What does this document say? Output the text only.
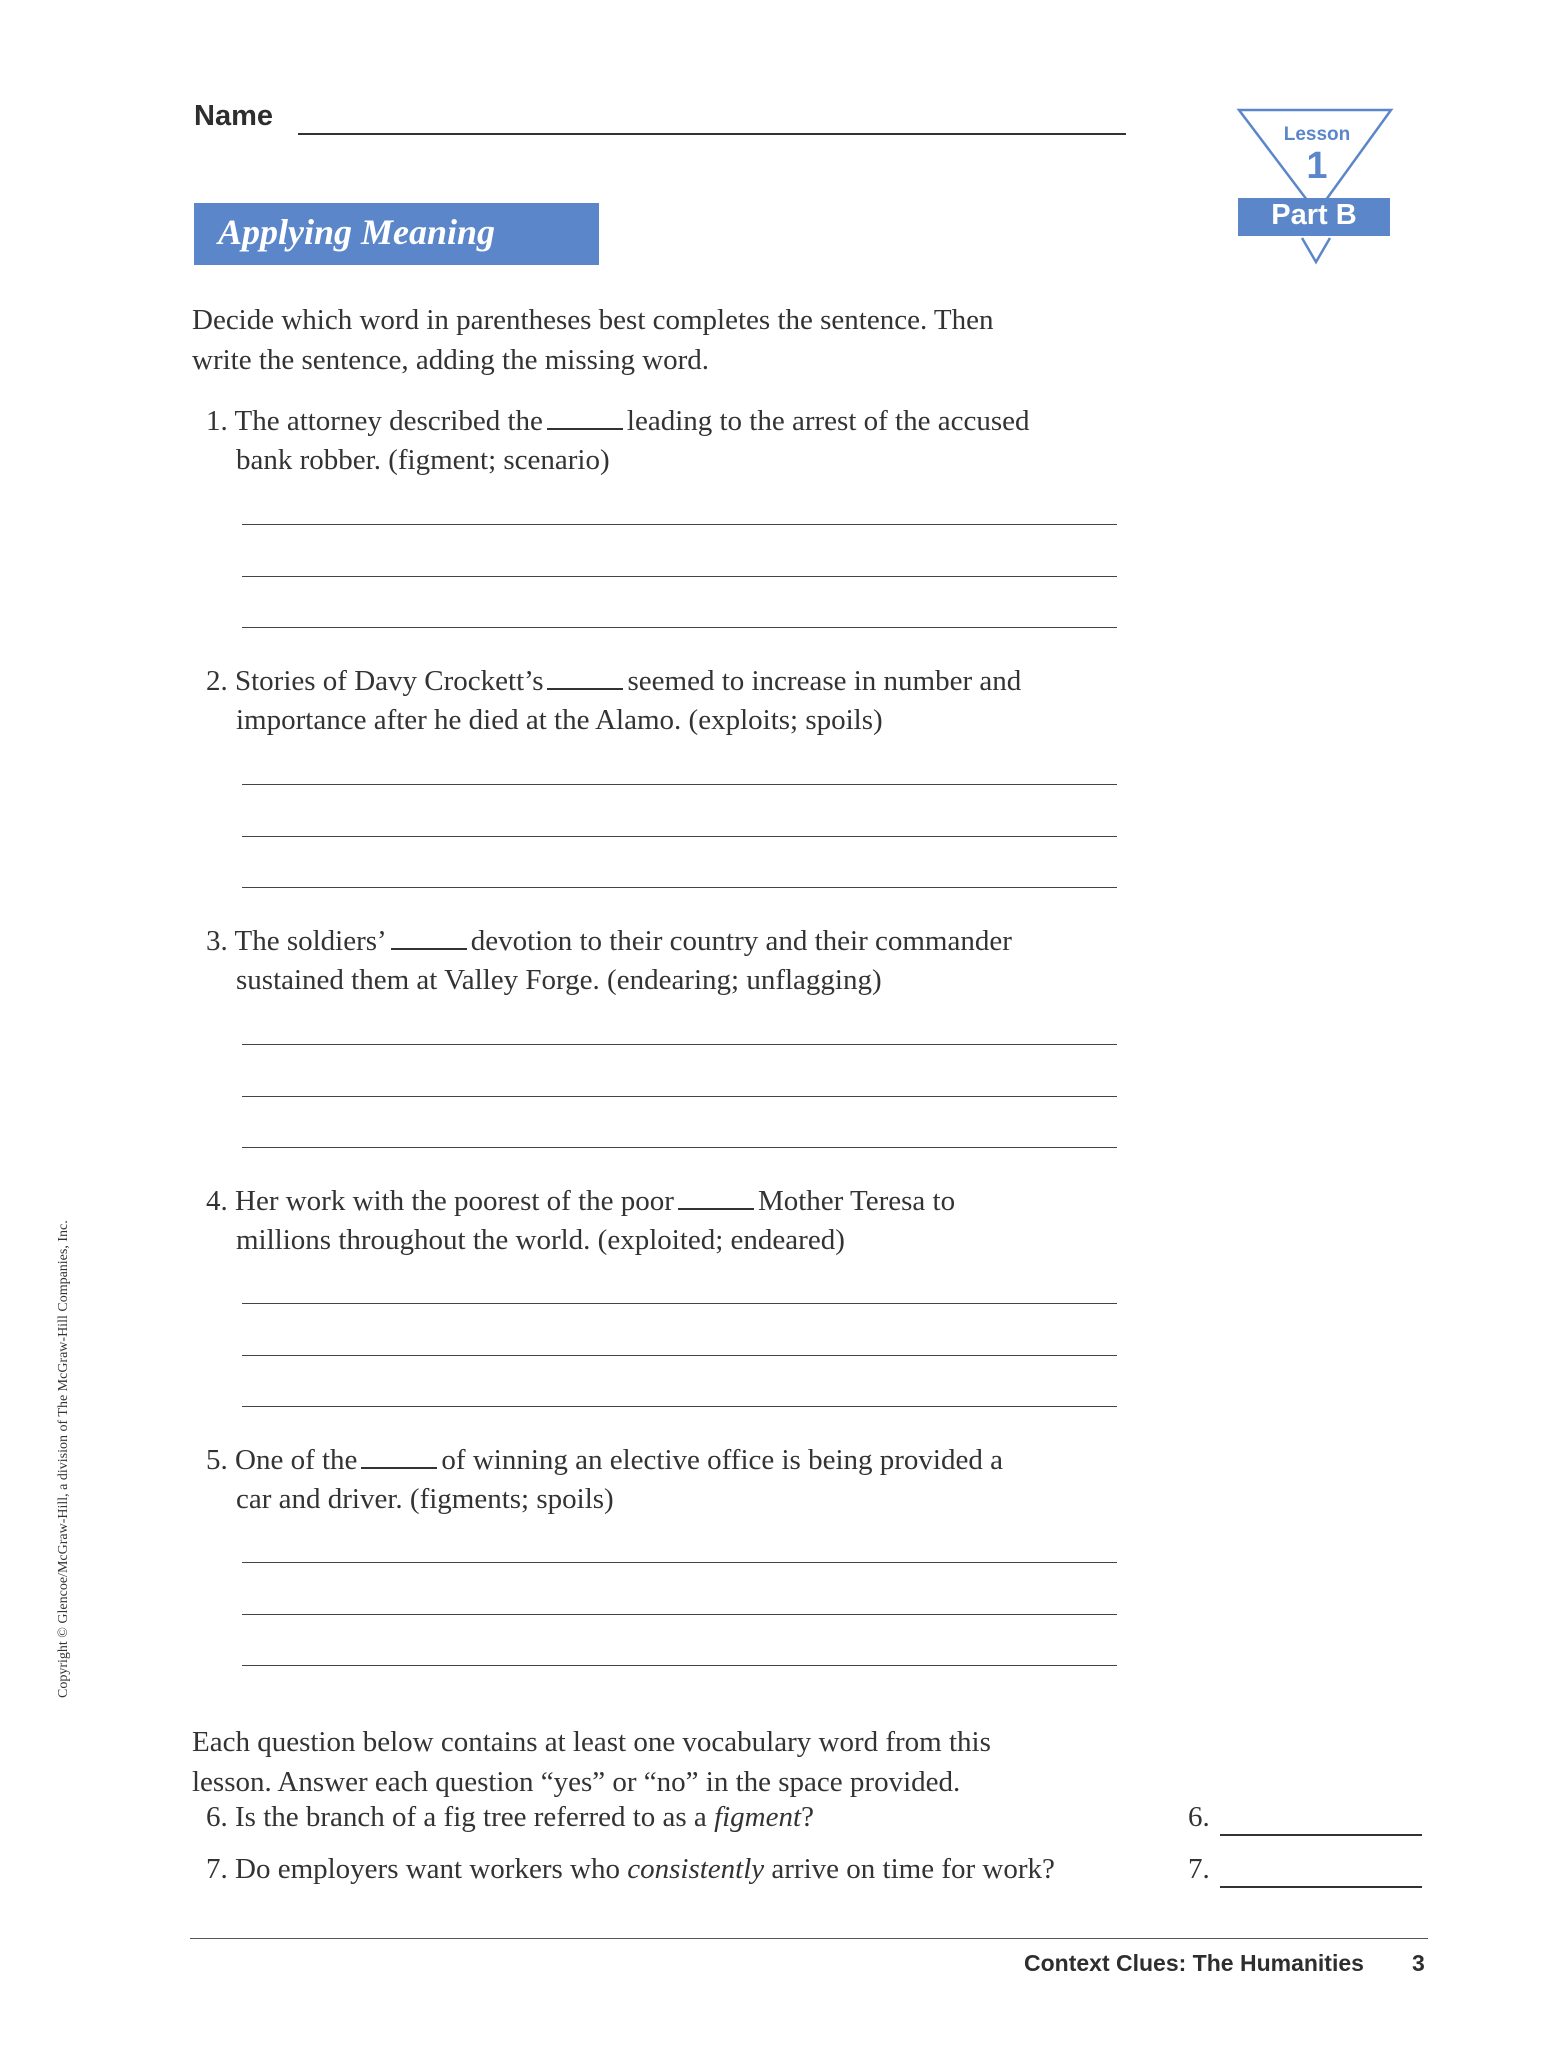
Name
Applying Meaning
Lesson
1
Part B
Decide which word in parentheses best completes the sentence. Then
write the sentence, adding the missing word.
1. The attorney described the	leading to the arrest of the accused
bank robber. (figment; scenario)
2. Stories of Davy Crockett’s	seemed to increase in number and
importance after he died at the Alamo. (exploits; spoils)
3. The soldiers’	devotion to their country and their commander
sustained them at Valley Forge. (endearing; unflagging)
4. Her work with the poorest of the poor	Mother Teresa to
millions throughout the world. (exploited; endeared)
5. One of the	of winning an elective office is being provided a
car and driver. (figments; spoils)
Each question below contains at least one vocabulary word from this
lesson. Answer each question “yes” or “no” in the space provided.
6. Is the branch of a fig tree referred to as a figment?	6.
7. Do employers want workers who consistently arrive on time for work?	7.
Context Clues: The Humanities 3
Copyright © Glencoe/McGraw-Hill, a division of The McGraw-Hill Companies, Inc.
